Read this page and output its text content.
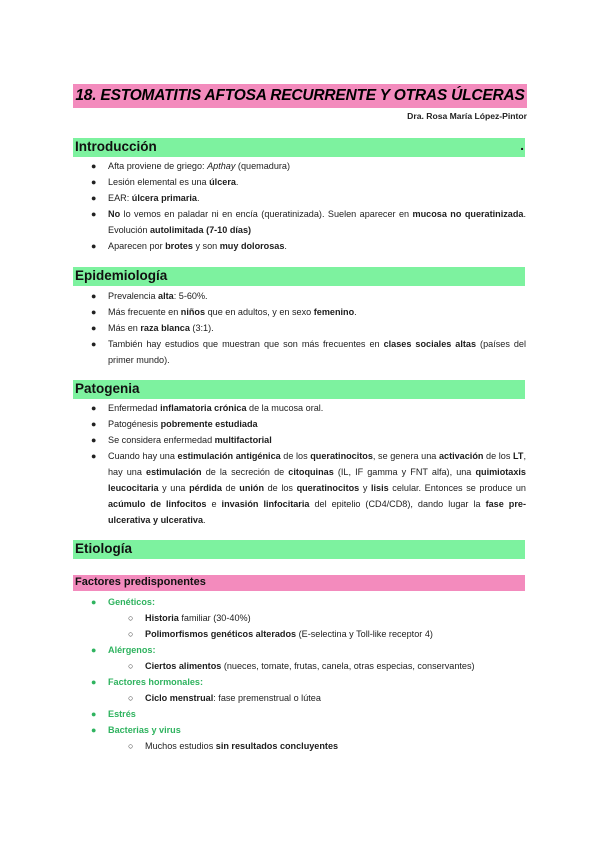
18. ESTOMATITIS AFTOSA RECURRENTE Y OTRAS ÚLCERAS
Dra. Rosa María López-Pintor
Introducción	.
● Afta proviene de griego: Apthay (quemadura)
● Lesión elemental es una úlcera.
● EAR: úlcera primaria.
● No lo vemos en paladar ni en encía (queratinizada). Suelen aparecer en mucosa no queratinizada. Evolución autolimitada (7-10 días)
● Aparecen por brotes y son muy dolorosas.
Epidemiología
● Prevalencia alta: 5-60%.
● Más frecuente en niños que en adultos, y en sexo femenino.
● Más en raza blanca (3:1).
● También hay estudios que muestran que son más frecuentes en clases sociales altas (países del primer mundo).
Patogenia
● Enfermedad inflamatoria crónica de la mucosa oral.
● Patogénesis pobremente estudiada
● Se considera enfermedad multifactorial
● Cuando hay una estimulación antigénica de los queratinocitos, se genera una activación de los LT, hay una estimulación de la secreción de citoquinas (IL, IF gamma y FNT alfa), una quimiotaxis leucocitaria y una pérdida de unión de los queratinocitos y lisis celular. Entonces se produce un acúmulo de linfocitos e invasión linfocitaria del epitelio (CD4/CD8), dando lugar la fase pre-ulcerativa y ulcerativa.
Etiología
Factores predisponentes
● Genéticos:
○ Historia familiar (30-40%)
○ Polimorfismos genéticos alterados (E-selectina y Toll-like receptor 4)
● Alérgenos:
○ Ciertos alimentos (nueces, tomate, frutas, canela, otras especias, conservantes)
● Factores hormonales:
○ Ciclo menstrual: fase premenstrual o lútea
● Estrés
● Bacterias y virus
○ Muchos estudios sin resultados concluyentes
